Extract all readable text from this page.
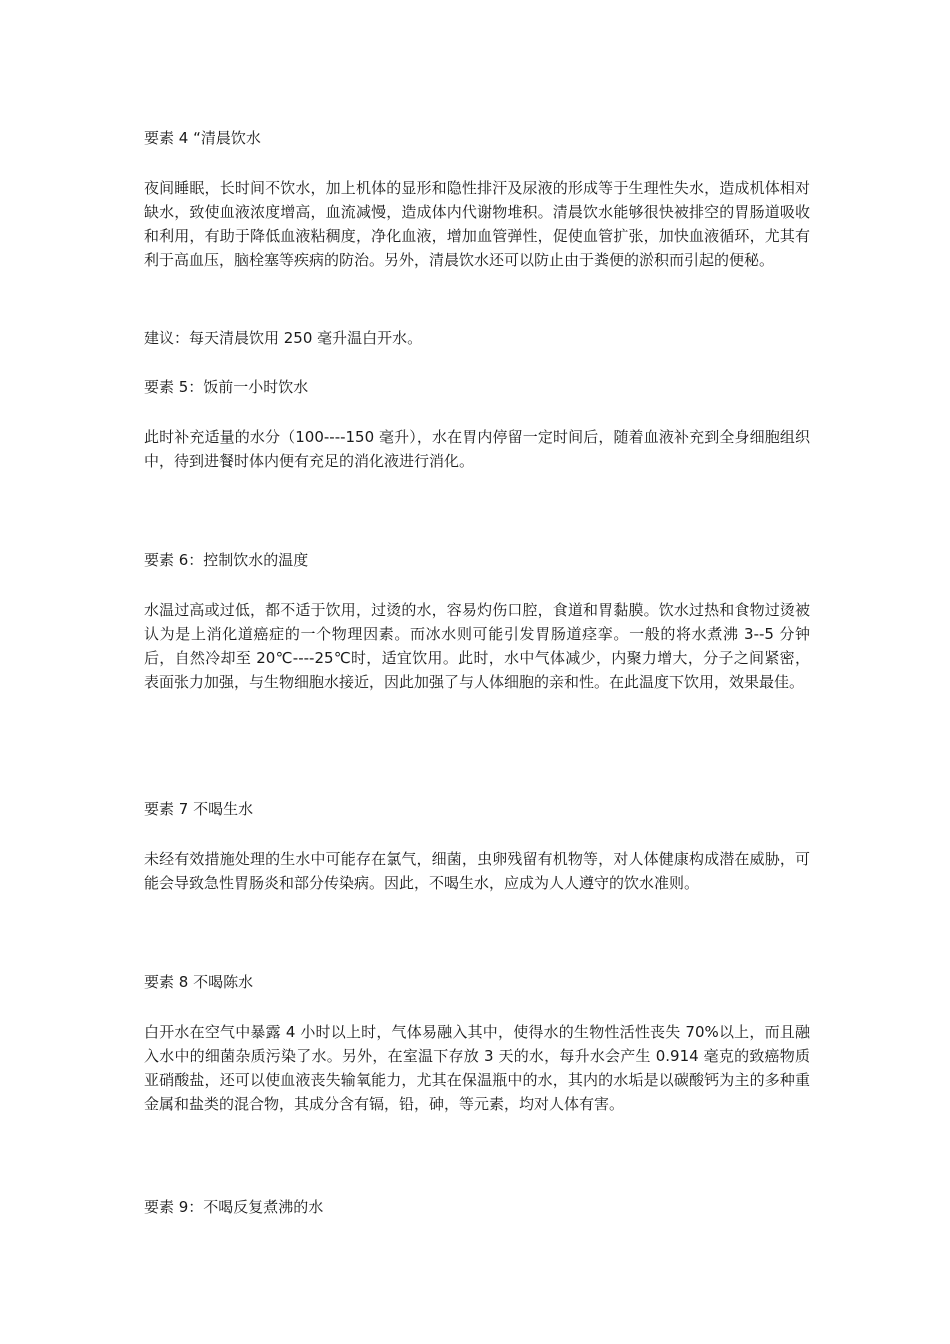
要素 4 “清晨饮水

夜间睡眠，长时间不饮水，加上机体的显形和隐性排汗及尿液的形成等于生理性失水，造成机体相对缺水，致使血液浓度增高，血流减慢，造成体内代谢物堆积。清晨饮水能够很快被排空的胃肠道吸收和利用，有助于降低血液粘稠度，净化血液，增加血管弹性，促使血管扩张，加快血液循环，尤其有利于高血压，脑栓塞等疾病的防治。另外，清晨饮水还可以防止由于粪便的淤积而引起的便秘。

建议：每天清晨饮用 250 毫升温白开水。

要素 5：饭前一小时饮水

此时补充适量的水分（100----150 毫升），水在胃内停留一定时间后，随着血液补充到全身细胞组织中，待到进餐时体内便有充足的消化液进行消化。

要素 6：控制饮水的温度

水温过高或过低，都不适于饮用，过烫的水，容易灼伤口腔，食道和胃黏膜。饮水过热和食物过烫被认为是上消化道癌症的一个物理因素。而冰水则可能引发胃肠道痉挛。一般的将水煮沸 3--5 分钟后，自然冷却至 20℃----25℃时，适宜饮用。此时，水中气体减少，内聚力增大，分子之间紧密，表面张力加强，与生物细胞水接近，因此加强了与人体细胞的亲和性。在此温度下饮用，效果最佳。

要素 7 不喝生水

未经有效措施处理的生水中可能存在氯气，细菌，虫卵残留有机物等，对人体健康构成潜在威胁，可能会导致急性胃肠炎和部分传染病。因此，不喝生水，应成为人人遵守的饮水准则。

要素 8 不喝陈水

白开水在空气中暴露 4 小时以上时，气体易融入其中，使得水的生物性活性丧失 70%以上，而且融入水中的细菌杂质污染了水。另外，在室温下存放 3 天的水，每升水会产生 0.914 毫克的致癌物质亚硝酸盐，还可以使血液丧失输氧能力，尤其在保温瓶中的水，其内的水垢是以碳酸钙为主的多种重金属和盐类的混合物，其成分含有镉，铅，砷，等元素，均对人体有害。

要素 9：不喝反复煮沸的水
